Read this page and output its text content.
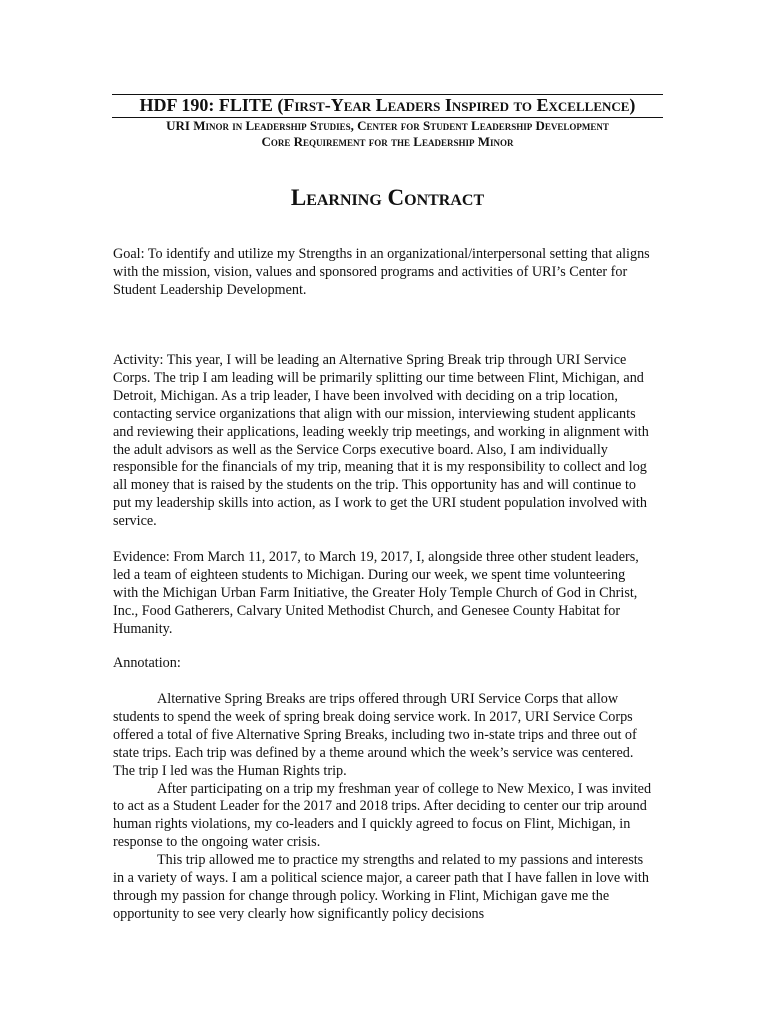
HDF 190: FLITE (First-Year Leaders Inspired to Excellence)
URI Minor in Leadership Studies, Center for Student Leadership Development
Core Requirement for the Leadership Minor
Learning Contract

Goal: To identify and utilize my Strengths in an organizational/interpersonal setting that aligns with the mission, vision, values and sponsored programs and activities of URI’s Center for Student Leadership Development.

Activity: This year, I will be leading an Alternative Spring Break trip through URI Service Corps. The trip I am leading will be primarily splitting our time between Flint, Michigan, and Detroit, Michigan. As a trip leader, I have been involved with deciding on a trip location, contacting service organizations that align with our mission, interviewing student applicants and reviewing their applications, leading weekly trip meetings, and working in alignment with the adult advisors as well as the Service Corps executive board. Also, I am individually responsible for the financials of my trip, meaning that it is my responsibility to collect and log all money that is raised by the students on the trip. This opportunity has and will continue to put my leadership skills into action, as I work to get the URI student population involved with service.

Evidence: From March 11, 2017, to March 19, 2017, I, alongside three other student leaders, led a team of eighteen students to Michigan. During our week, we spent time volunteering with the Michigan Urban Farm Initiative, the Greater Holy Temple Church of God in Christ, Inc., Food Gatherers, Calvary United Methodist Church, and Genesee County Habitat for Humanity.

Annotation:

Alternative Spring Breaks are trips offered through URI Service Corps that allow students to spend the week of spring break doing service work. In 2017, URI Service Corps offered a total of five Alternative Spring Breaks, including two in-state trips and three out of state trips. Each trip was defined by a theme around which the week’s service was centered. The trip I led was the Human Rights trip.

After participating on a trip my freshman year of college to New Mexico, I was invited to act as a Student Leader for the 2017 and 2018 trips. After deciding to center our trip around human rights violations, my co-leaders and I quickly agreed to focus on Flint, Michigan, in response to the ongoing water crisis.

This trip allowed me to practice my strengths and related to my passions and interests in a variety of ways. I am a political science major, a career path that I have fallen in love with through my passion for change through policy. Working in Flint, Michigan gave me the opportunity to see very clearly how significantly policy decisions
